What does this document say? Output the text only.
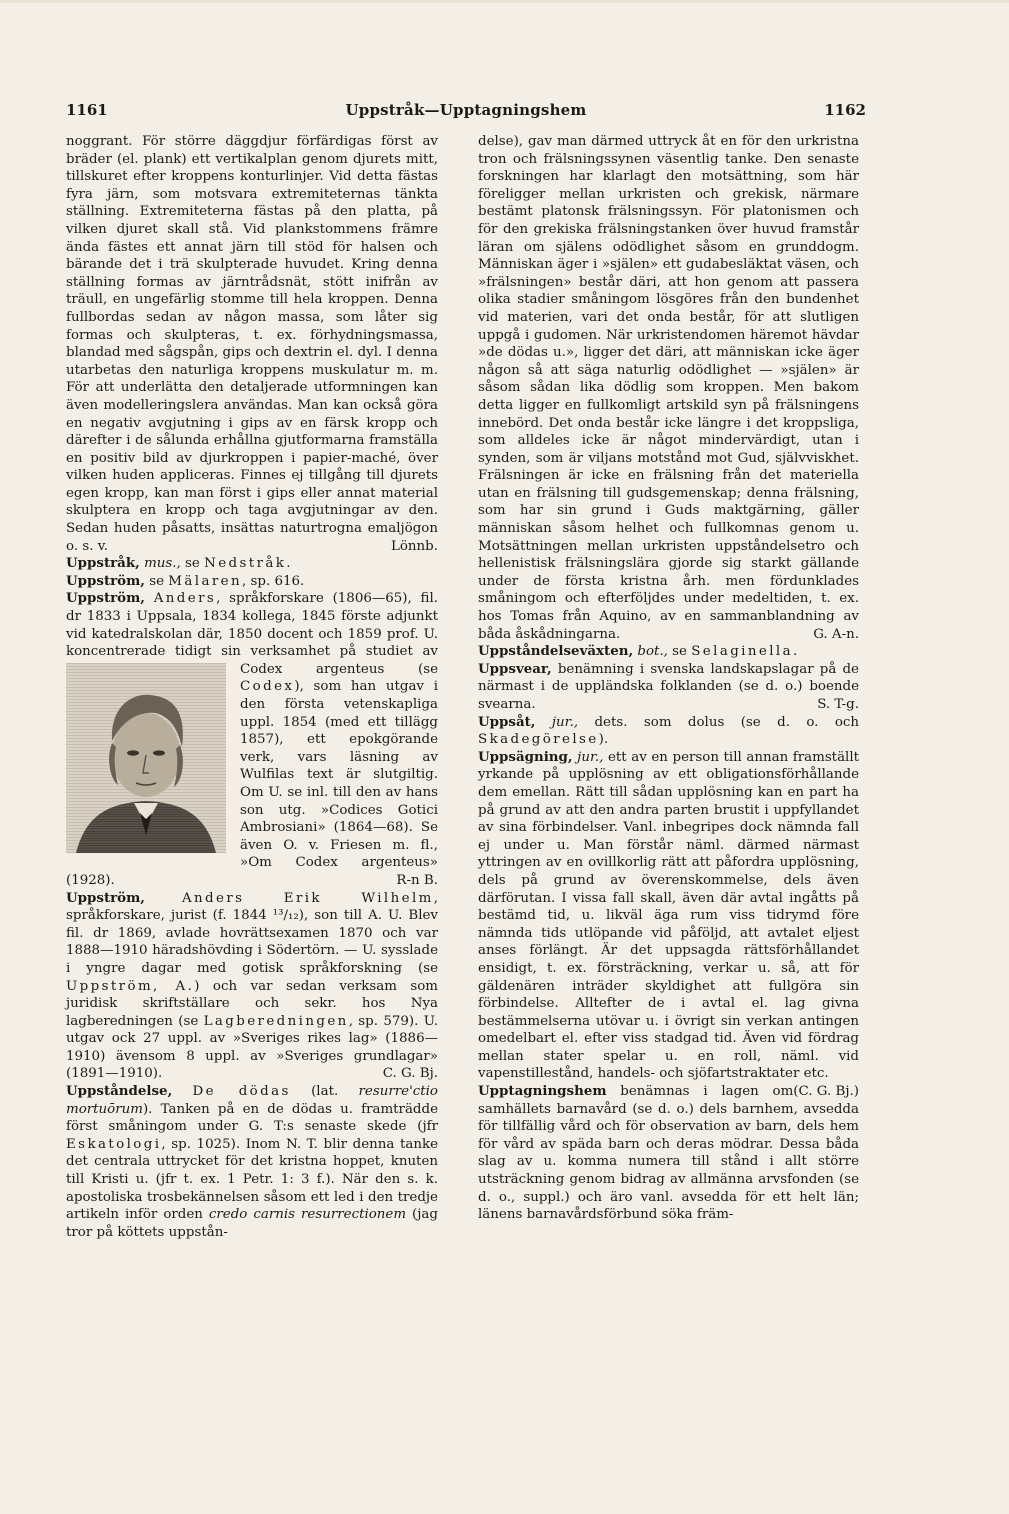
1161	Uppstråk—Upptagningshem	1162

noggrant. För större däggdjur förfärdigas först av bräder (el. plank) ett vertikalplan genom djurets mitt, tillskuret efter kroppens konturlinjer. Vid detta fästas fyra järn, som motsvara extremiteternas tänkta ställning. Extremiteterna fästas på den platta, på vilken djuret skall stå. Vid plankstommens främre ända fästes ett annat järn till stöd för halsen och bärande det i trä skulpterade huvudet. Kring denna ställning formas av järntrådsnät, stött inifrån av träull, en ungefärlig stomme till hela kroppen. Denna fullbordas sedan av någon massa, som låter sig formas och skulpteras, t. ex. förhydningsmassa, blandad med sågspån, gips och dextrin el. dyl. I denna utarbetas den naturliga kroppens muskulatur m. m. För att underlätta den detaljerade utformningen kan även modelleringslera användas. Man kan också göra en negativ avgjutning i gips av en färsk kropp och därefter i de sålunda erhållna gjutformarna framställa en positiv bild av djurkroppen i papier-maché, över vilken huden appliceras. Finnes ej tillgång till djurets egen kropp, kan man först i gips eller annat material skulptera en kropp och taga avgjutningar av den. Sedan huden påsatts, insättas naturtrogna emaljögon o. s. v.	Lönnb.

Uppstråk, mus., se Nedstråk.

Uppström, se Mälaren, sp. 616.

Uppström, Anders, språkforskare (1806—65), fil. dr 1833 i Uppsala, 1834 kollega, 1845 förste adjunkt vid katedralskolan där, 1850 docent och 1859 prof. U. koncentrerade tidigt sin verksamhet på studiet av Codex argenteus (se
Codex), som han utgav i den första vetenskapliga uppl. 1854 (med ett tillägg 1857), ett epokgörande verk, vars läsning av Wulfilas text är slutgiltig. Om U. se inl. till den av hans son utg. »Codices Gotici Ambrosiani» (1864—68). Se även O. v. Friesen m. fl., »Om Codex argenteus» (1928).	R-n B.

Uppström,	Anders Erik Wilhelm, språkforskare, jurist (f. 1844 ¹³/₁₂), son till A. U. Blev fil. dr 1869, avlade hovrättsexamen 1870 och var 1888—1910 häradshövding i Södertörn. — U. sysslade i yngre dagar med gotisk språkforskning (se Uppström, A.) och var sedan verksam som juridisk skriftställare och sekr. hos Nya lagberedningen (se Lagberedningen, sp. 579). U. utgav ock 27 uppl. av »Sveriges rikes lag» (1886—1910) ävensom 8 uppl. av »Sveriges grundlagar» (1891—1910).	C. G. Bj.

Uppståndelse, De dödas (lat. resurre'ctio mortuōrum). Tanken på en de dödas u. framträdde först småningom under G. T:s senaste skede (jfr Eskatologi, sp. 1025). Inom N. T. blir denna tanke det centrala uttrycket för det kristna hoppet, knuten till Kristi u. (jfr t. ex. 1 Petr. 1: 3 f.). När den s. k. apostoliska trosbekännelsen såsom ett led i den tredje artikeln inför orden credo carnis resurrectionem (jag tror på köttets uppstån-

delse), gav man därmed uttryck åt en för den urkristna tron och frälsningssynen väsentlig tanke. Den senaste forskningen har klarlagt den motsättning, som här föreligger mellan urkristen och grekisk, närmare bestämt platonsk frälsningssyn. För platonismen och för den grekiska frälsningstanken över huvud framstår läran om själens odödlighet såsom en grunddogm. Människan äger i »själen» ett gudabesläktat väsen, och »frälsningen» består däri, att hon genom att passera olika stadier småningom lösgöres från den bundenhet vid materien, vari det onda består, för att slutligen uppgå i gudomen. När urkristendomen häremot hävdar »de dödas u.», ligger det däri, att människan icke äger någon så att säga naturlig odödlighet — »själen» är såsom sådan lika dödlig som kroppen. Men bakom detta ligger en fullkomligt artskild syn på frälsningens innebörd. Det onda består icke längre i det kroppsliga, som alldeles icke är något mindervärdigt, utan i synden, som är viljans motstånd mot Gud, självviskhet. Frälsningen är icke en frälsning från det materiella utan en frälsning till gudsgemenskap; denna frälsning, som har sin grund i Guds maktgärning, gäller människan såsom helhet och fullkomnas genom u. Motsättningen mellan urkristen uppståndelsetro och hellenistisk frälsningslära gjorde sig starkt gällande under de första kristna årh. men fördunklades småningom och efterföljdes under medeltiden, t. ex. hos Tomas från Aquino, av en sammanblandning av båda åskådningarna.	G. A-n.

Uppståndelseväxten, bot., se Selaginella.

Uppsvear, benämning i svenska landskapslagar på de närmast i de uppländska folklanden (se d. o.) boende svearna.	S. T-g.

Uppsåt, jur., dets. som dolus (se d. o. och Skadegörelse).

Uppsägning, jur., ett av en person till annan framställt yrkande på upplösning av ett obligationsförhållande dem emellan. Rätt till sådan upplösning kan en part ha på grund av att den andra parten brustit i uppfyllandet av sina förbindelser. Vanl. inbegripes dock nämnda fall ej under u. Man förstår näml. därmed närmast yttringen av en ovillkorlig rätt att påfordra upplösning, dels på grund av överenskommelse, dels även därförutan. I vissa fall skall, även där avtal ingåtts på bestämd tid, u. likväl äga rum viss tidrymd före nämnda tids utlöpande vid påföljd, att avtalet eljest anses förlängt. Är det uppsagda rättsförhållandet ensidigt, t. ex. försträckning, verkar u. så, att för gäldenären inträder skyldighet att fullgöra sin förbindelse. Alltefter de i avtal el. lag givna bestämmelserna utövar u. i övrigt sin verkan antingen omedelbart el. efter viss stadgad tid. Även vid fördrag mellan stater spelar u. en roll, näml. vid vapenstillestånd, handels- och sjöfartstraktater etc.
(C. G. Bj.)

Upptagningshem benämnas i lagen om samhällets barnavård (se d. o.) dels barnhem, avsedda för tillfällig vård och för observation av barn, dels hem för vård av späda barn och deras mödrar. Dessa båda slag av u. komma numera till stånd i allt större utsträckning genom bidrag av allmänna arvsfonden (se d. o., suppl.) och äro vanl. avsedda för ett helt län; länens barnavårdsförbund söka främ-
